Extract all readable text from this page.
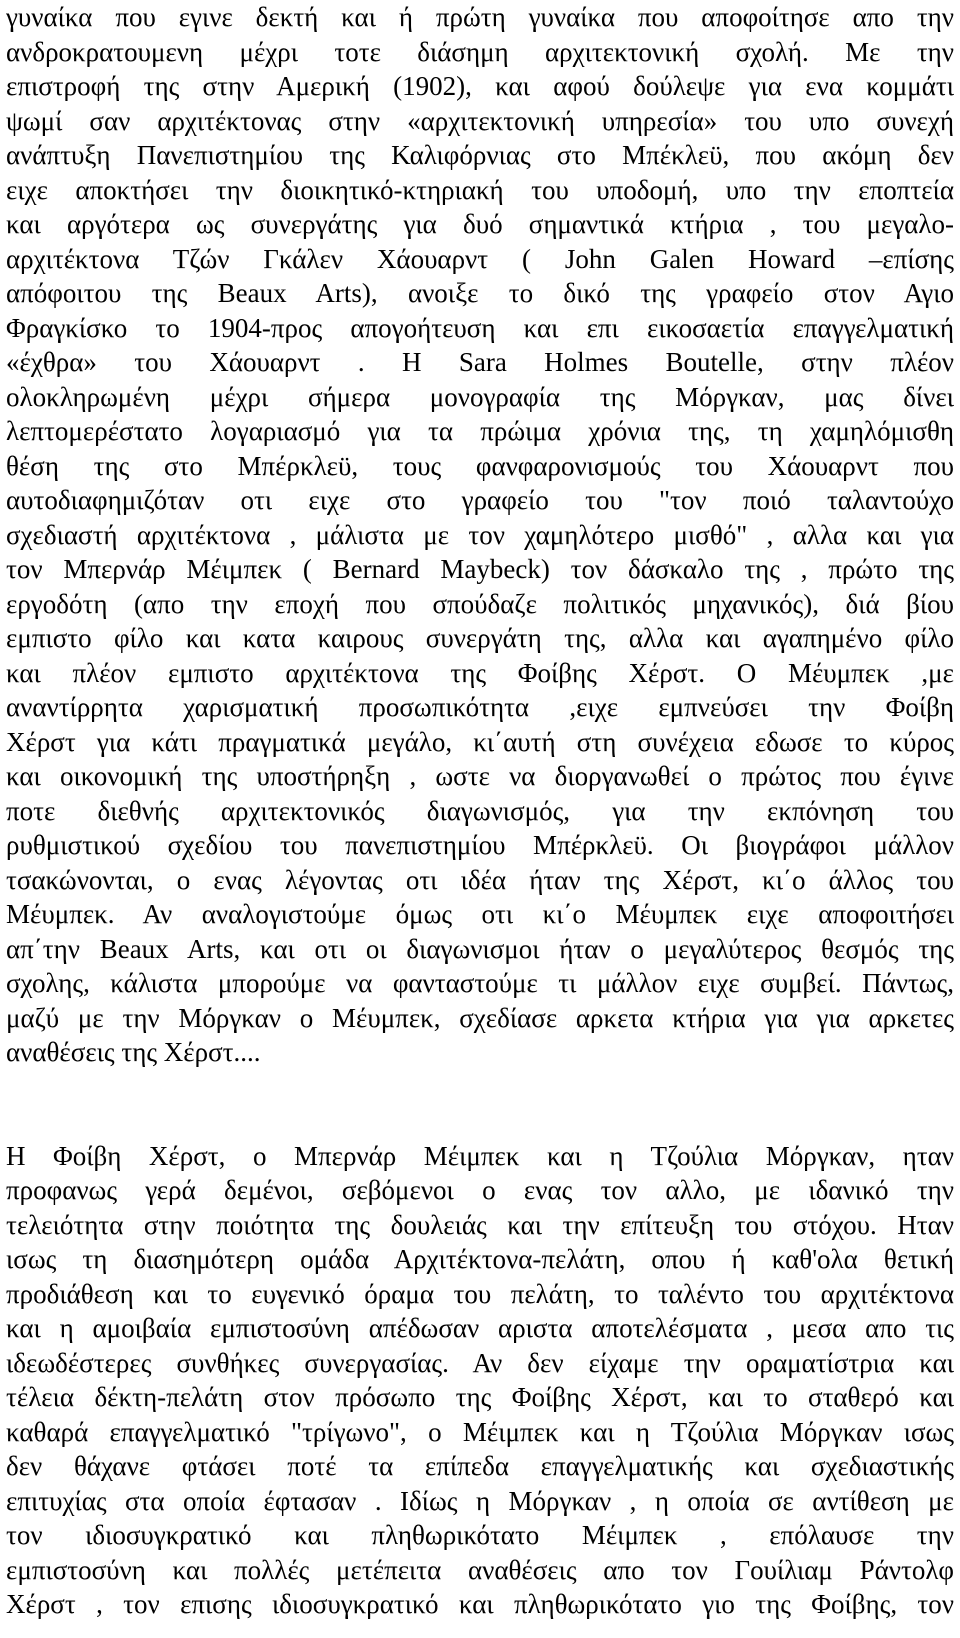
γυναίκα που εγινε δεκτή και ή πρώτη γυναίκα που αποφοίτησε απο την
ανδροκρατουμενη μέχρι τοτε διάσημη αρχιτεκτονική σχολή. Με την
επιστροφή της στην Αμερική (1902), και αφού δούλεψε για ενα κομμάτι
ψωμί σαν αρχιτέκτονας στην «αρχιτεκτονική υπηρεσία» του υπο συνεχή
ανάπτυξη Πανεπιστημίου της Καλιφόρνιας στο Μπέκλεϋ, που ακόμη δεν
ειχε αποκτήσει την διοικητικό-κτηριακή του υποδομή, υπο την εποπτεία
και αργότερα ως συνεργάτης για δυό σημαντικά κτήρια , του μεγαλο-
αρχιτέκτονα Τζών Γκάλεν Χάουαρντ ( John Galen Howard –επίσης
απόφοιτου της Beaux Arts), ανοιξε το δικό της γραφείο στον Αγιο
Φραγκίσκο το 1904-προς απογοήτευση και επι εικοσαετία επαγγελματική
«έχθρα» του Χάουαρντ . Η Sara Holmes Boutelle, στην πλέον
ολοκληρωμένη μέχρι σήμερα μονογραφία της Μόργκαν, μας δίνει
λεπτομερέστατο λογαριασμό για τα πρώιμα χρόνια της, τη χαμηλόμισθη
θέση της στο Μπέρκλεϋ, τους φανφαρονισμούς του Χάουαρντ που
αυτοδιαφημιζόταν οτι ειχε στο γραφείο του "τον ποιό ταλαντούχο
σχεδιαστή αρχιτέκτονα , μάλιστα με τον χαμηλότερο μισθό" , αλλα και για
τον Μπερνάρ Μέιμπεκ ( Bernard Maybeck) τον δάσκαλο της , πρώτο της
εργοδότη (απο την εποχή που σπούδαζε πολιτικός μηχανικός), διά βίου
εμπιστο φίλο και κατα καιρους συνεργάτη της, αλλα και αγαπημένο φίλο
και πλέον εμπιστο αρχιτέκτονα της Φοίβης Χέρστ. Ο Μέυμπεκ ,με
αναντίρρητα χαρισματική προσωπικότητα ,ειχε εμπνεύσει την Φοίβη
Χέρστ για κάτι πραγματικά μεγάλο, κι΄αυτή στη συνέχεια εδωσε το κύρος
και οικονομική της υποστήρηξη , ωστε να διοργανωθεί ο πρώτος που έγινε
ποτε διεθνής αρχιτεκτονικός διαγωνισμός, για την εκπόνηση του
ρυθμιστικού σχεδίου του πανεπιστημίου Μπέρκλεϋ. Οι βιογράφοι μάλλον
τσακώνονται, ο ενας λέγοντας οτι ιδέα ήταν της Χέρστ, κι΄ο άλλος του
Μέυμπεκ. Αν αναλογιστούμε όμως οτι κι΄ο Μέυμπεκ ειχε αποφοιτήσει
απ΄την Beaux Arts, και οτι οι διαγωνισμοι ήταν ο μεγαλύτερος θεσμός της
σχολης, κάλιστα μπορούμε να φανταστούμε τι μάλλον ειχε συμβεί. Πάντως,
μαζύ με την Μόργκαν ο Μέυμπεκ, σχεδίασε αρκετα κτήρια για για αρκετες
αναθέσεις της Χέρστ....
Η Φοίβη Χέρστ, ο Μπερνάρ Μέιμπεκ και η Τζούλια Μόργκαν, ηταν
προφανως γερά δεμένοι, σεβόμενοι ο ενας τον αλλο, με ιδανικό την
τελειότητα στην ποιότητα της δουλειάς και την επίτευξη του στόχου. Ηταν
ισως τη διασημότερη ομάδα Αρχιτέκτονα-πελάτη, οπου ή καθ'ολα θετική
προδιάθεση και το ευγενικό όραμα του πελάτη, το ταλέντο του αρχιτέκτονα
και η αμοιβαία εμπιστοσύνη απέδωσαν αριστα αποτελέσματα , μεσα απο τις
ιδεωδέστερες συνθήκες συνεργασίας. Αν δεν είχαμε την οραματίστρια και
τέλεια δέκτη-πελάτη στον πρόσωπο της Φοίβης Χέρστ, και το σταθερό και
καθαρά επαγγελματικό "τρίγωνο", ο Μέιμπεκ και η Τζούλια Μόργκαν ισως
δεν θάχανε φτάσει ποτέ τα επίπεδα επαγγελματικής και σχεδιαστικής
επιτυχίας στα οποία έφτασαν . Ιδίως η Μόργκαν , η οποία σε αντίθεση με
τον ιδιοσυγκρατικό και πληθωρικότατο Μέιμπεκ , επόλαυσε την
εμπιστοσύνη και πολλές μετέπειτα αναθέσεις απο τον Γουίλιαμ Ράντολφ
Χέρστ , τον επισης ιδιοσυγκρατικό και πληθωρικότατο γιο της Φοίβης, τον
